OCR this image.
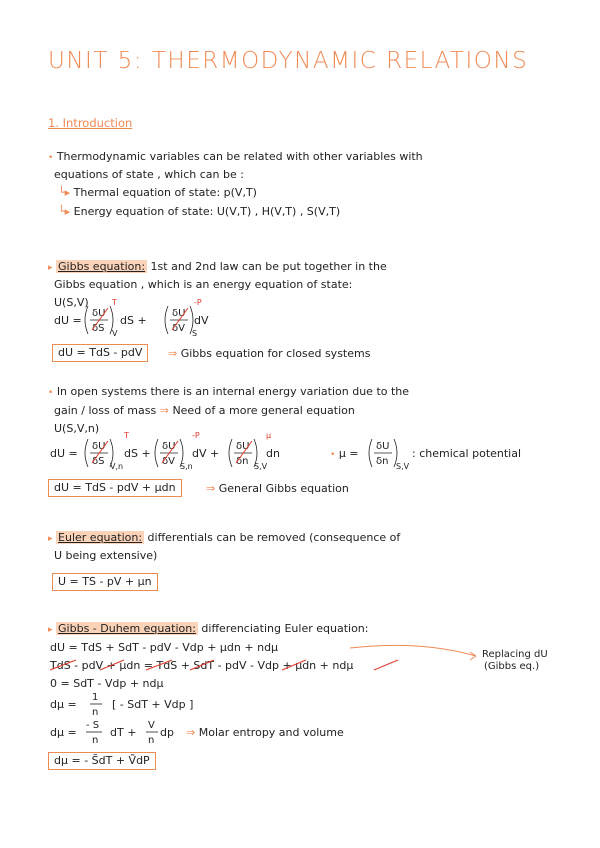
UNIT 5: THERMODYNAMIC RELATIONS
1. Introduction
• Thermodynamic variables can be related with other variables with
equations of state , which can be :
└▸ Thermal equation of state: p(V,T)
└▸ Energy equation of state: U(V,T) , H(V,T) , S(V,T)
▸ Gibbs equation: 1st and 2nd law can be put together in the
Gibbs equation , which is an energy equation of state:
U(S,V)
dU =
δU
δS V
dS +
δU
δV S
dV
T	-P
dU = TdS - pdV	⇒ Gibbs equation for closed systems
• In open systems there is an internal energy variation due to the
gain / loss of mass ⇒ Need of a more general equation
U(S,V,n)
dU =
δU
δS V,n
dS +
δU
δV S,n
dV +
δU
δn S,V
dn
T	-P	μ
• μ =
δU
δn S,V
: chemical potential
dU = TdS - pdV + μdn	⇒ General Gibbs equation
▸ Euler equation: differentials can be removed (consequence of
U being extensive)
U = TS - pV + μn
▸ Gibbs - Duhem equation: differenciating Euler equation:
dU = TdS + SdT - pdV - Vdp + μdn + ndμ
TdS - pdV + μdn = TdS + SdT - pdV - Vdp + μdn + ndμ
Replacing dU
(Gibbs eq.)
0 = SdT - Vdp + ndμ
dμ =
1
n
[ - SdT + Vdp ]
dμ =
- S
n
dT +
V
n
dp ⇒ Molar entropy and volume
dμ = - S̃dT + ṼdP
